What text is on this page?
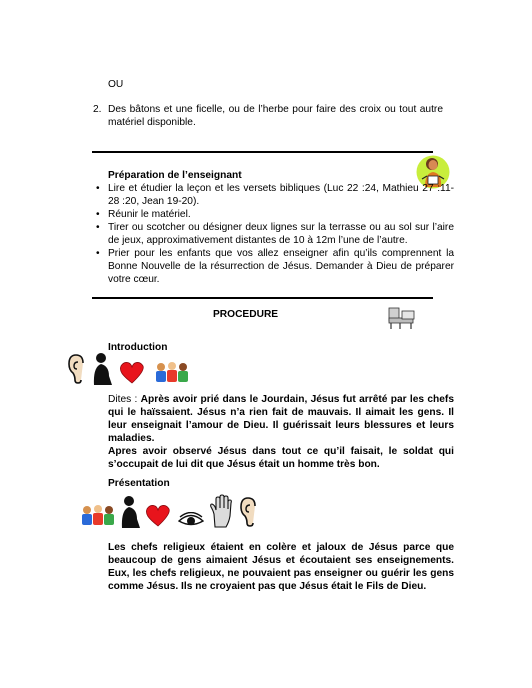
OU
2. Des bâtons et une ficelle, ou de l’herbe pour faire des croix ou tout autre matériel disponible.
Préparation de l’enseignant
• Lire et étudier la leçon et les versets bibliques (Luc 22 :24, Mathieu 27 :11-28 :20, Jean 19-20).
• Réunir le matériel.
• Tirer ou scotcher ou désigner deux lignes sur la terrasse ou au sol sur l’aire de jeux, approximativement distantes de 10 à 12m l’une de l’autre.
• Prier pour les enfants que vos allez enseigner afin qu’ils comprennent la Bonne Nouvelle de la résurrection de Jésus. Demander à Dieu de préparer votre cœur.
PROCEDURE
Introduction
Dites : Après avoir prié dans le Jourdain, Jésus fut arrêté par les chefs qui le haïssaient. Jésus n’a rien fait de mauvais. Il aimait les gens. Il leur enseignait l’amour de Dieu. Il guérissait leurs blessures et leurs maladies.
Apres avoir observé Jésus dans tout ce qu’il faisait, le soldat qui s’occupait de lui dit que Jésus était un homme très bon.
Présentation
Les chefs religieux étaient en colère et jaloux de Jésus parce que beaucoup de gens aimaient Jésus et écoutaient ses enseignements. Eux, les chefs religieux, ne pouvaient pas enseigner ou guérir les gens comme Jésus. Ils ne croyaient pas que Jésus était le Fils de Dieu.
